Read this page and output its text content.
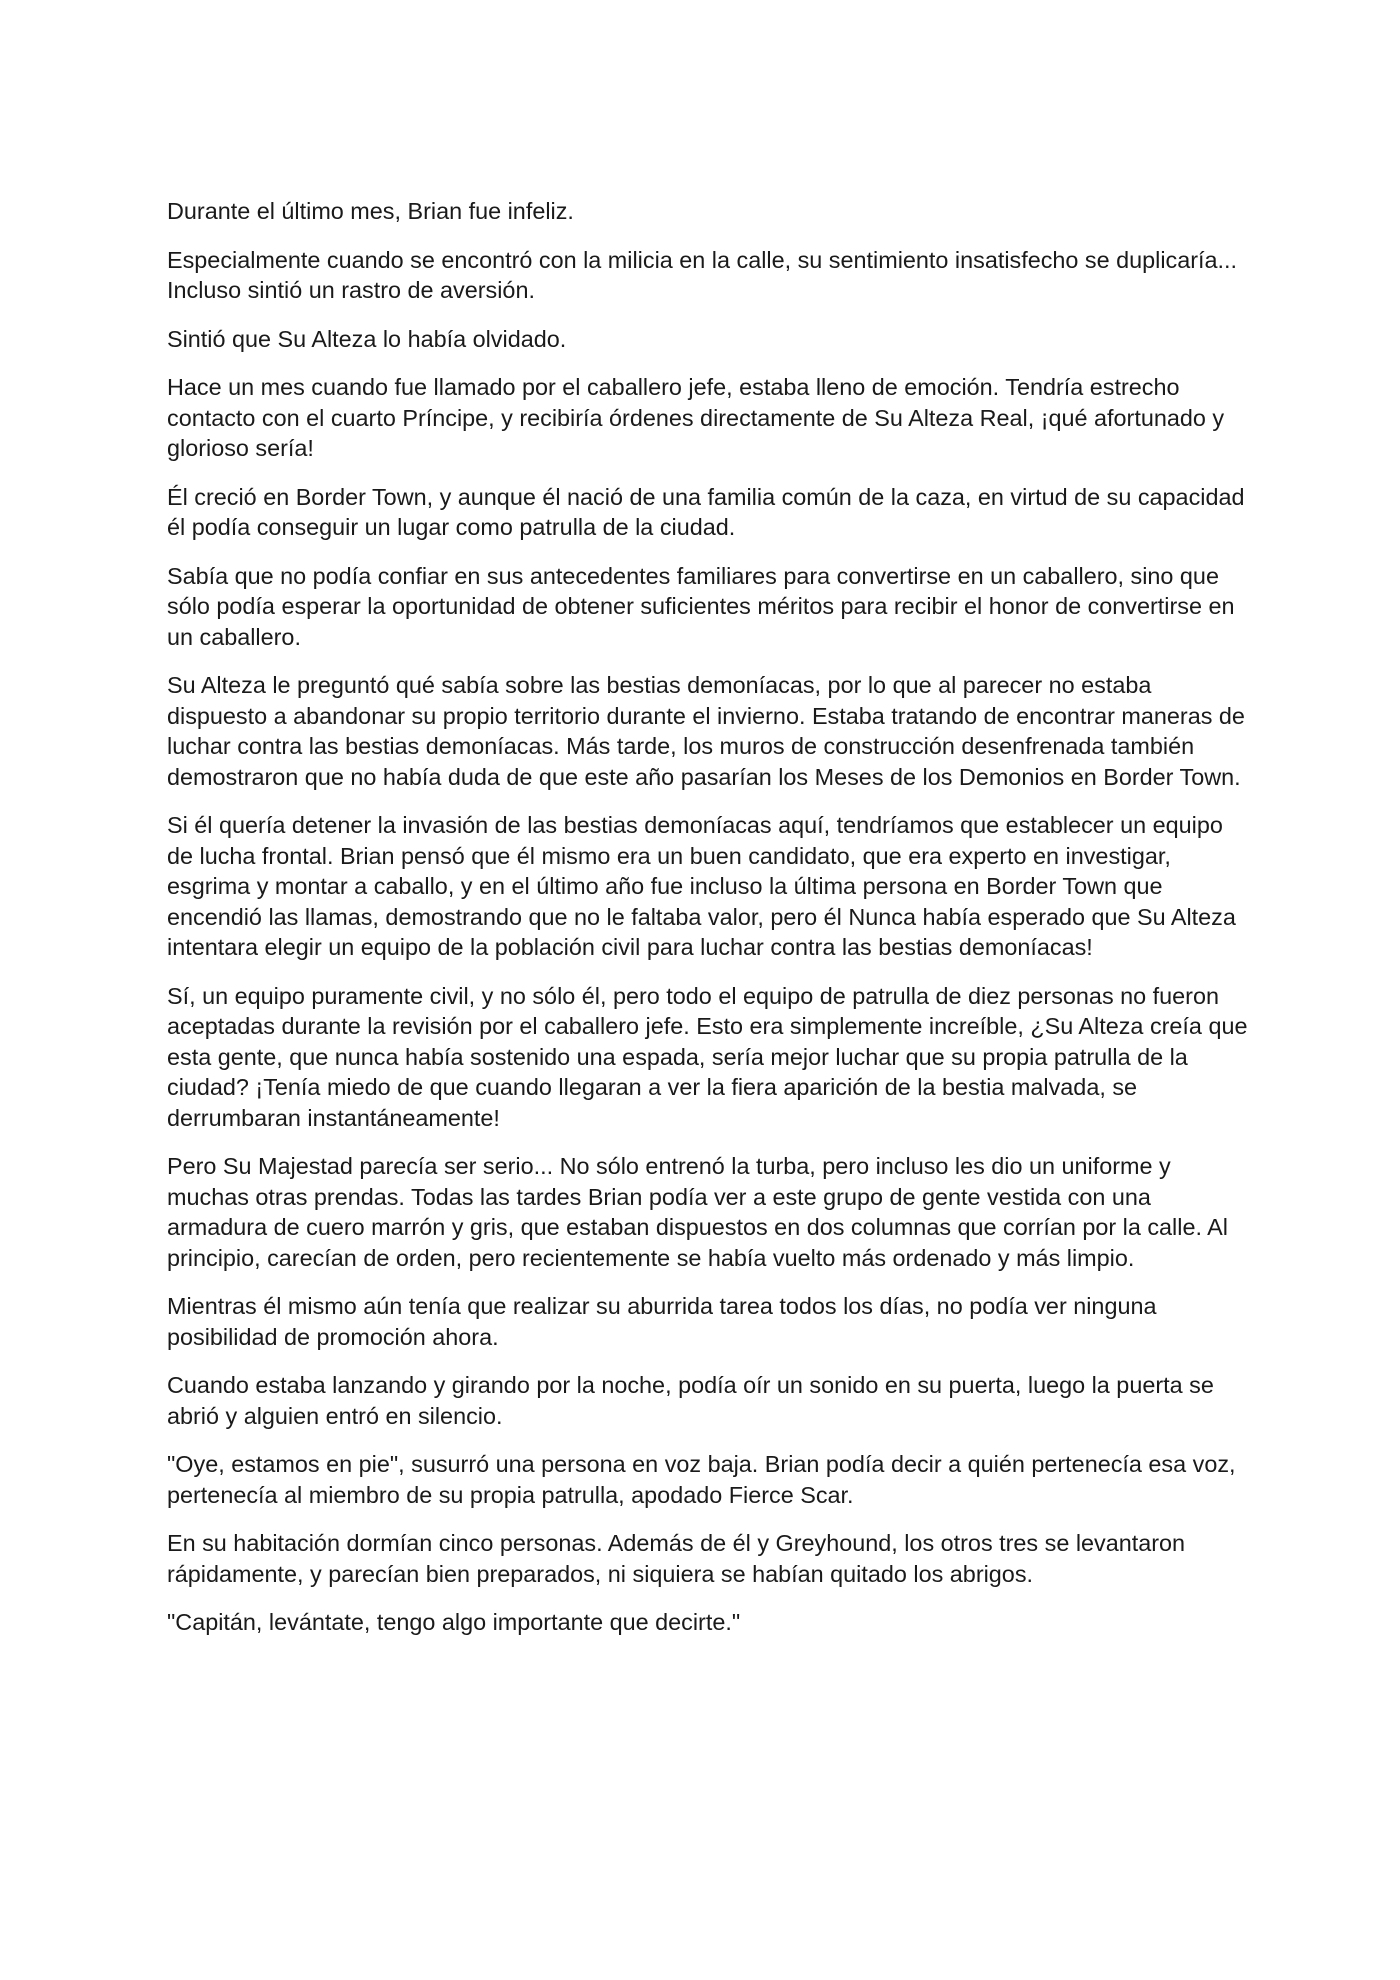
Durante el último mes, Brian fue infeliz.

Especialmente cuando se encontró con la milicia en la calle, su sentimiento insatisfecho se duplicaría... Incluso sintió un rastro de aversión.

Sintió que Su Alteza lo había olvidado.

Hace un mes cuando fue llamado por el caballero jefe, estaba lleno de emoción. Tendría estrecho contacto con el cuarto Príncipe, y recibiría órdenes directamente de Su Alteza Real, ¡qué afortunado y glorioso sería!

Él creció en Border Town, y aunque él nació de una familia común de la caza, en virtud de su capacidad él podía conseguir un lugar como patrulla de la ciudad.

Sabía que no podía confiar en sus antecedentes familiares para convertirse en un caballero, sino que sólo podía esperar la oportunidad de obtener suficientes méritos para recibir el honor de convertirse en un caballero.

Su Alteza le preguntó qué sabía sobre las bestias demoníacas, por lo que al parecer no estaba dispuesto a abandonar su propio territorio durante el invierno. Estaba tratando de encontrar maneras de luchar contra las bestias demoníacas. Más tarde, los muros de construcción desenfrenada también demostraron que no había duda de que este año pasarían los Meses de los Demonios en Border Town.

Si él quería detener la invasión de las bestias demoníacas aquí, tendríamos que establecer un equipo de lucha frontal. Brian pensó que él mismo era un buen candidato, que era experto en investigar, esgrima y montar a caballo, y en el último año fue incluso la última persona en Border Town que encendió las llamas, demostrando que no le faltaba valor, pero él Nunca había esperado que Su Alteza intentara elegir un equipo de la población civil para luchar contra las bestias demoníacas!

Sí, un equipo puramente civil, y no sólo él, pero todo el equipo de patrulla de diez personas no fueron aceptadas durante la revisión por el caballero jefe. Esto era simplemente increíble, ¿Su Alteza creía que esta gente, que nunca había sostenido una espada, sería mejor luchar que su propia patrulla de la ciudad? ¡Tenía miedo de que cuando llegaran a ver la fiera aparición de la bestia malvada, se derrumbaran instantáneamente!

Pero Su Majestad parecía ser serio... No sólo entrenó la turba, pero incluso les dio un uniforme y muchas otras prendas. Todas las tardes Brian podía ver a este grupo de gente vestida con una armadura de cuero marrón y gris, que estaban dispuestos en dos columnas que corrían por la calle. Al principio, carecían de orden, pero recientemente se había vuelto más ordenado y más limpio.

Mientras él mismo aún tenía que realizar su aburrida tarea todos los días, no podía ver ninguna posibilidad de promoción ahora.

Cuando estaba lanzando y girando por la noche, podía oír un sonido en su puerta, luego la puerta se abrió y alguien entró en silencio.

"Oye, estamos en pie", susurró una persona en voz baja. Brian podía decir a quién pertenecía esa voz, pertenecía al miembro de su propia patrulla, apodado Fierce Scar.

En su habitación dormían cinco personas. Además de él y Greyhound, los otros tres se levantaron rápidamente, y parecían bien preparados, ni siquiera se habían quitado los abrigos.

"Capitán, levántate, tengo algo importante que decirte."
